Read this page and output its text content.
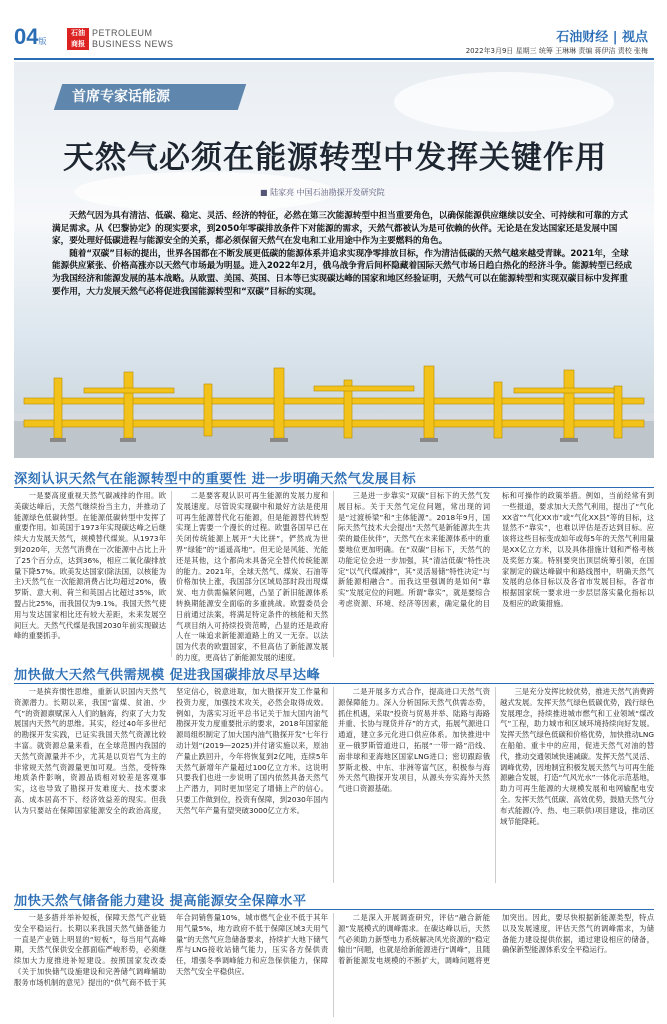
04版
石油 商报
PETROLEUM
BUSINESS NEWS	石油财经 | 视点
2022年3月9日 星期三 统筹 王琳琳 责编 蒋伊洁 责校 张梅
首席专家话能源
天然气必须在能源转型中发挥关键作用
■ 陆家亮 中国石油勘探开发研究院

天然气因为具有清洁、低碳、稳定、灵活、经济的特征，必然在第三次能源转型中担当重要角色，以确保能源供应继续以安全、可持续和可靠的方式满足需求。从《巴黎协定》的现实要求，到2050年零碳排放条件下对能源的需求，天然气都被认为是可依赖的伙伴。无论是在发达国家还是发展中国家，要处理好低碳进程与能源安全的关系，都必须保留天然气在发电和工业用途中作为主要燃料的角色。

随着“双碳”目标的提出，世界各国都在不断发展更低碳的能源体系并追求实现净零排放目标，作为清洁低碳的天然气越来越受青睐。2021年，全球能源供应紧张、价格高涨亦以天然气市场最为明显。进入2022年2月，俄乌战争背后间杯隐藏着国际天然气市场日趋白热化的经济斗争。能源转型已经成为我国经济和能源发展的基本战略。从欧盟、美国、英国、日本等已实现碳达峰的国家和地区经验证明，天然气可以在能源转型和实现双碳目标中发挥重要作用，大力发展天然气必将促进我国能源转型和“双碳”目标的实现。

深刻认识天然气在能源转型中的重要性 进一步明确天然气发展目标

一是要高度重视天然气碳减排的作用。欧美碳达峰后，天然气继续扮当主力，并推动了能源绿色低碳转型。在能源低碳转型中发挥了重要作用。如英国于1973年实现碳达峰之后继续大力发展天然气，规模替代煤炭。从1973年到2020年，天然气消费在一次能源中占比上升了25个百分点，达到36%，相应二氧化碳排放量下降57%。欧美发达国家(除法国，以核能为主)天然气在一次能源消费占比均超过20%，俄罗斯、意大利、荷兰和英国占比超过35%，欧盟占比25%，而我国仅为9.1%。我国天然气使用与发达国家相比还有较大差距，未来发展空间巨大。天然气代煤是我国2030年前实现碳达峰的重要抓手。

二是要客观认识可再生能源的发展力度和发展速度。尽管说实现碳中和最好方法是使用可再生能源替代化石能源，但是能源替代转型实现上需要一个漫长的过程。欧盟各国早已在关闭传统能源上展开“大比拼”，俨然成为世界“绿能”的“遥遥高地”。但无论是风能、光能还是其他，这个都尚未具备完全替代传统能源的能力。2021年，全球天然气、煤炭、石油等价格加快上涨，我国部分区域局部时段出现煤炭、电力供需偏紧问题，凸显了新旧能源体系转换期能源安全面临的多重挑战。欧盟委员会日前通过法案，将满足特定条件的核能和天然气项目纳入可持续投资范畴，凸显的还是政府人在一味追求新能源道路上的又一无奈。以法国为代表的欧盟国家，不但高估了新能源发展的力度，更高估了新能源发展的速度。

三是进一步靠实“双碳”目标下的天然气发展目标。关于天然气定位问题，常出现的词是“过渡桥梁”和“主体能源”。2018年9月，国际天然气技术大会提出“天然气是新能源共生共荣的最佳伙伴”，天然气在未来能源体系中的重要地位更加明确。在“双碳”目标下，天然气的功能定位会进一步加强，其“清洁低碳”特性决定“以气代煤减排”，其“灵活易储”特性决定“与新能源相融合”。而我这里强调的是如何“靠实”发展定位的问题。所谓“靠实”，就是要综合考虑资源、环境、经济等因素，确定量化的目标和可操作的政策举措。例如，当前经常有到一些报道，要求加大天然气利用，提出了“气化XX省”“气化XX市”或“气化XX县”等的目标，这显然不“靠实”，也难以评估是否达到目标。应该将这些目标变成如年或每5年的天然气利用量是XX亿立方米，以及具体措施计划和严格考核及奖惩方案。特别要突出顶层统筹引领，在国家制定的碳达峰碳中和路线图中，明确天然气发展的总体目标以及各省市发展目标，各省市根据国家统一要求进一步层层落实量化指标以及相应的政策措施。

加快做大天然气供需规模 促进我国碳排放尽早达峰

一是摈弃惯性思维，重新认识国内天然气资源潜力。长期以来，我国“富煤、贫油、少气”的资源禀赋深入人们的脑海，约束了大力发展国内天然气的思维。其实，经过40年多世纪的勘探开发实践，已证实我国天然气资源比较丰富。就资源总量来看，在全球范围内我国的天然气资源量并不少，尤其是以页岩气为主的非常规天然气资源量更加可观。当然，受特殊地质条件影响，资源品质相对较差是客观事实，这也导致了勘探开发难度大、技术要求高、成本居高不下、经济效益差的现实。但我认为只要站在保障国家能源安全的政治高度，坚定信心，锐意进取，加大勘探开发工作量和投资力度，加强技术攻关，必然会取得成效。例如，为落实习近平总书记关于加大国内油气勘探开发力度重要批示的要求，2018年国家能源局组织制定了加大国内油气勘探开发“七年行动计划”(2019—2025)并付诸实施以来，原油产量止跌回升，今年将恢复到2亿吨，连续5年天然气新增年产量超过100亿立方米。这说明只要我们也进一步说明了国内依然具备天然气上产潜力，同时更加坚定了增储上产的信心。只要工作做到位，投资有保障，到2030年国内天然气年产量有望突破3000亿立方米。

二是开展多方式合作，提高进口天然气资源保障能力。深入分析国际天然气供需态势，抓住机遇，采取“投资与贸易并举、陆路与海路并重、长协与现货并存”的方式，拓展气源进口通道，建立多元化进口供应体系。加快推进中亚—俄罗斯管道进口，拓展“一带一路”沿线、南非球和亚海地区国家LNG进口；密切跟踪俄罗斯北极、中东、非洲等富气区，积极参与海外天然气勘探开发项目，从源头夯实海外天然气进口资源基础。

三是充分发挥比较优势，推进天然气消费跨越式发展。发挥天然气绿色低碳优势，践行绿色发展理念，持续推进城市燃气和工业领域“煤改气”工程，助力城市和区域环境持续向好发展。发挥天然气绿色低碳和价格优势，加快推动LNG在船舶、重卡中的应用，促进天然气对油的替代，推动交通领域快速减碳。发挥天然气灵活、调峰优势，因地制宜积极发展天然气与可再生能源融合发展，打造“气风光水”一体化示范基地，助力可再生能源的大规模发展和电网输配电安全。发挥天然气低碳、高效优势，鼓励天然气分布式能源(冷、热、电三联供)项目建设，推动区域节能降耗。

加快天然气储备能力建设 提高能源安全保障水平

一是多措并举补短板，保障天然气产业链安全平稳运行。长期以来我国天然气储备能力一直是产业链上明显的“短板”，每当用气高峰期，天然气保供安全都面临严峻形势，必须继续加大力度推进补短建设。按照国家发改委《关于加快储气设施建设和完善储气调峰辅助服务市场机制的意见》提出的“供气商不低于其年合同销售量10%，城市燃气企业不低于其年用气量5%，地方政府不低于保障区域3天用气量”的天然气应急储备要求，持续扩大地下储气库与LNG接收站储气能力，压实各方保供责任，增强冬季调峰能力和应急保供能力，保障天然气安全平稳供应。

二是深入开展调查研究，评估“融合新能源”发展模式的调峰需求。在碳达峰以后，天然气必须助力新型电力系统解决风光资源的“稳定输出”问题，也就是给新能源进行“调峰”，且随着新能源发电规模的不断扩大，调峰问题将更加突出。因此，要尽快根据新能源类型，特点以及发展速度，评估天然气的调峰需求，为储备能力建设提供依据，通过建设相应的储备，确保新型能源体系安全平稳运行。
